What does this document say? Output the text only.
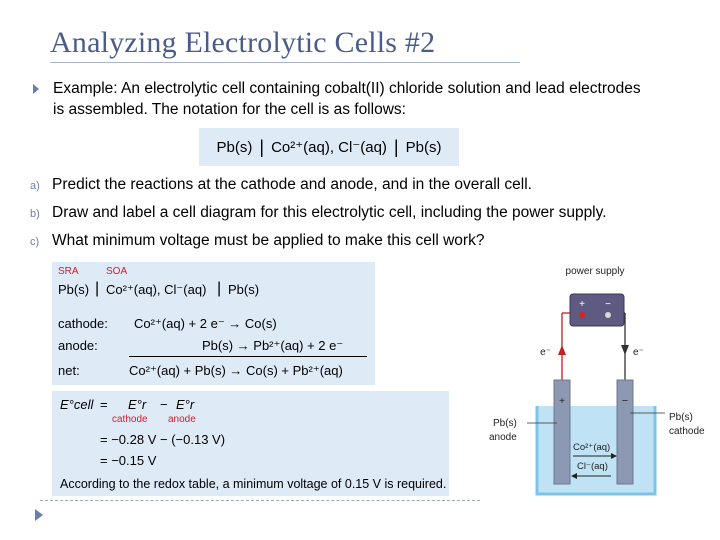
Analyzing Electrolytic Cells #2
Example: An electrolytic cell containing cobalt(II) chloride solution and lead electrodes is assembled. The notation for the cell is as follows:
Pb(s) | Co²⁺(aq), Cl⁻(aq) | Pb(s)
a) Predict the reactions at the cathode and anode, and in the overall cell.
b) Draw and label a cell diagram for this electrolytic cell, including the power supply.
c) What minimum voltage must be applied to make this cell work?
SRA	SOA
Pb(s) | Co²⁺(aq), Cl⁻(aq) | Pb(s)
cathode: Co²⁺(aq) + 2 e⁻ → Co(s)
anode:	Pb(s) → Pb²⁺(aq) + 2 e⁻
net:	Co²⁺(aq) + Pb(s) → Co(s) + Pb²⁺(aq)
E°cell = E°r − E°r
cathode anode
= −0.28 V − (−0.13 V)
= −0.15 V
According to the redox table, a minimum voltage of 0.15 V is required.
power supply
e⁻	e⁻
+ −
+	−
Pb(s)
anode
Pb(s)
cathode
Co²⁺(aq)
Cl⁻(aq)
